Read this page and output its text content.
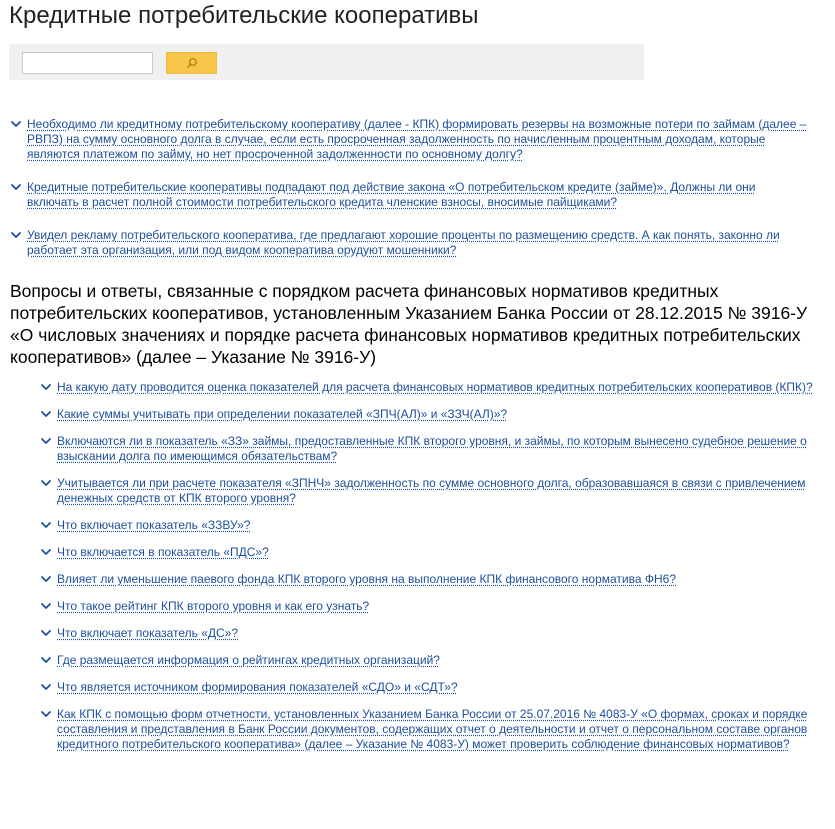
Кредитные потребительские кооперативы
Необходимо ли кредитному потребительскому кооперативу (далее - КПК) формировать резервы на возможные потери по займам (далее – РВПЗ) на сумму основного долга в случае, если есть просроченная задолженность по начисленным процентным доходам, которые являются платежом по займу, но нет просроченной задолженности по основному долгу?
Кредитные потребительские кооперативы подпадают под действие закона «О потребительском кредите (займе)». Должны ли они включать в расчет полной стоимости потребительского кредита членские взносы, вносимые пайщиками?
Увидел рекламу потребительского кооператива, где предлагают хорошие проценты по размещению средств. А как понять, законно ли работает эта организация, или под видом кооператива орудуют мошенники?
Вопросы и ответы, связанные с порядком расчета финансовых нормативов кредитных потребительских кооперативов, установленным Указанием Банка России от 28.12.2015 № 3916-У «О числовых значениях и порядке расчета финансовых нормативов кредитных потребительских кооперативов» (далее – Указание № 3916-У)
На какую дату проводится оценка показателей для расчета финансовых нормативов кредитных потребительских кооперативов (КПК)?
Какие суммы учитывать при определении показателей «ЗПЧ(АЛ)» и «ЗЗЧ(АЛ)»?
Включаются ли в показатель «ЗЗ» займы, предоставленные КПК второго уровня, и займы, по которым вынесено судебное решение о взыскании долга по имеющимся обязательствам?
Учитывается ли при расчете показателя «ЗПНЧ» задолженность по сумме основного долга, образовавшаяся в связи с привлечением денежных средств от КПК второго уровня?
Что включает показатель «ЗЗВУ»?
Что включается в показатель «ПДС»?
Влияет ли уменьшение паевого фонда КПК второго уровня на выполнение КПК финансового норматива ФН6?
Что такое рейтинг КПК второго уровня и как его узнать?
Что включает показатель «ДС»?
Где размещается информация о рейтингах кредитных организаций?
Что является источником формирования показателей «СДО» и «СДТ»?
Как КПК с помощью форм отчетности, установленных Указанием Банка России от 25.07.2016 № 4083-У «О формах, сроках и порядке составления и представления в Банк России документов, содержащих отчет о деятельности и отчет о персональном составе органов кредитного потребительского кооператива» (далее – Указание № 4083-У) может проверить соблюдение финансовых нормативов?
